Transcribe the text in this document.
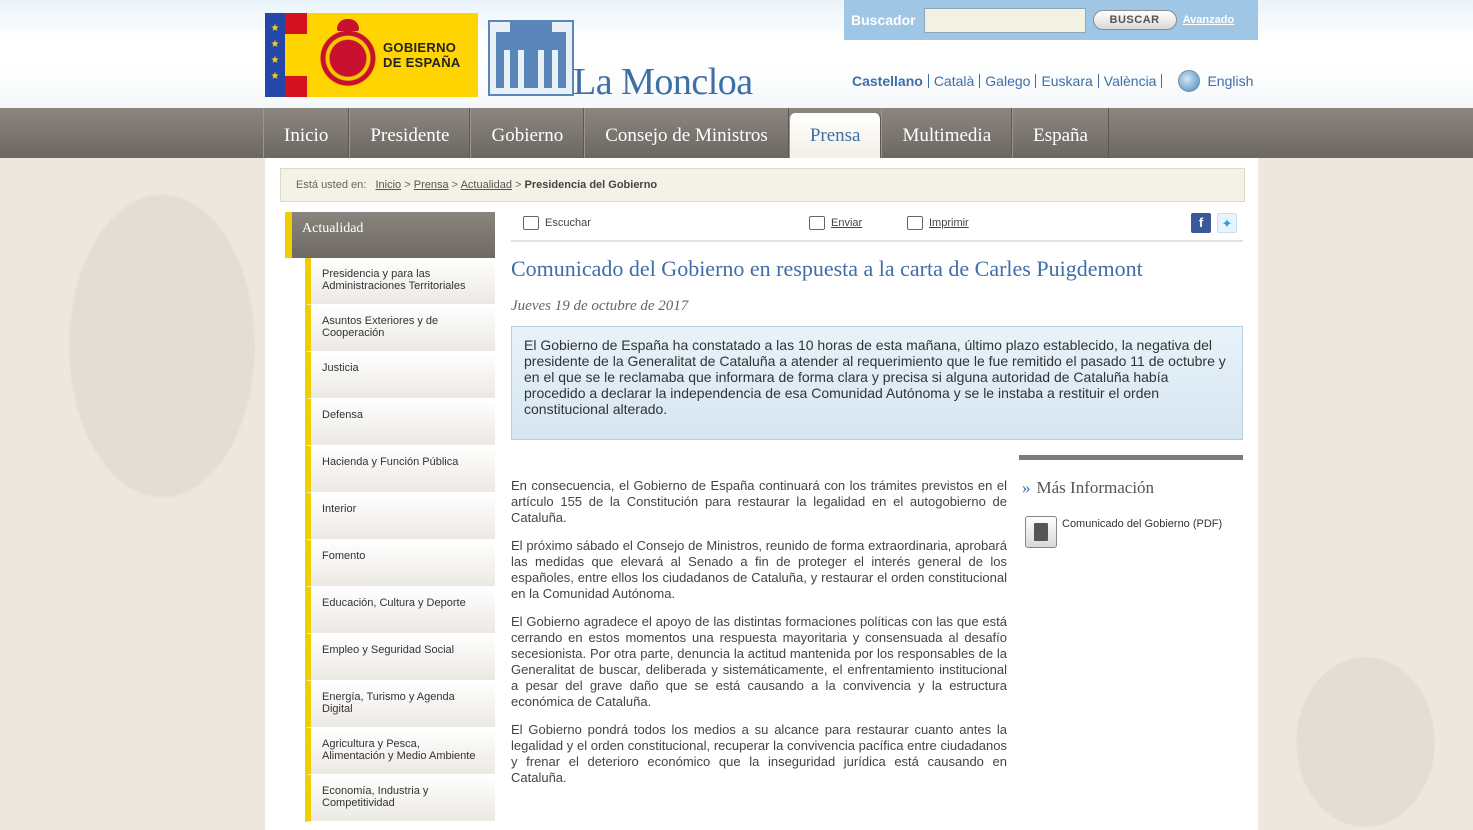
★
★
★
★
GOBIERNO
DE ESPAÑA	La Moncloa
Buscador	BUSCAR	Avanzado
Castellano Català Galego Euskara València	English
Inicio	Presidente	Gobierno	Consejo de Ministros	Prensa	Multimedia	España
Está usted en: Inicio > Prensa > Actualidad > Presidencia del Gobierno
Actualidad
Presidencia y para las Administraciones Territoriales
Asuntos Exteriores y de Cooperación
Justicia
Defensa
Hacienda y Función Pública
Interior
Fomento
Educación, Cultura y Deporte
Empleo y Seguridad Social
Energía, Turismo y Agenda Digital
Agricultura y Pesca, Alimentación y Medio Ambiente
Economía, Industria y Competitividad
Escuchar	Enviar	Imprimir	f	✦
Comunicado del Gobierno en respuesta a la carta de Carles Puigdemont
Jueves 19 de octubre de 2017
El Gobierno de España ha constatado a las 10 horas de esta mañana, último plazo establecido, la negativa del presidente de la Generalitat de Cataluña a atender al requerimiento que le fue remitido el pasado 11 de octubre y en el que se le reclamaba que informara de forma clara y precisa si alguna autoridad de Cataluña había procedido a declarar la independencia de esa Comunidad Autónoma y se le instaba a restituir el orden constitucional alterado.

En consecuencia, el Gobierno de España continuará con los trámites previstos en el artículo 155 de la Constitución para restaurar la legalidad en el autogobierno de Cataluña.

El próximo sábado el Consejo de Ministros, reunido de forma extraordinaria, aprobará las medidas que elevará al Senado a fin de proteger el interés general de los españoles, entre ellos los ciudadanos de Cataluña, y restaurar el orden constitucional en la Comunidad Autónoma.

El Gobierno agradece el apoyo de las distintas formaciones políticas con las que está cerrando en estos momentos una respuesta mayoritaria y consensuada al desafío secesionista. Por otra parte, denuncia la actitud mantenida por los responsables de la Generalitat de buscar, deliberada y sistemáticamente, el enfrentamiento institucional a pesar del grave daño que se está causando a la convivencia y la estructura económica de Cataluña.

El Gobierno pondrá todos los medios a su alcance para restaurar cuanto antes la legalidad y el orden constitucional, recuperar la convivencia pacífica entre ciudadanos y frenar el deterioro económico que la inseguridad jurídica está causando en Cataluña.

» Más Información
Comunicado del Gobierno (PDF)
